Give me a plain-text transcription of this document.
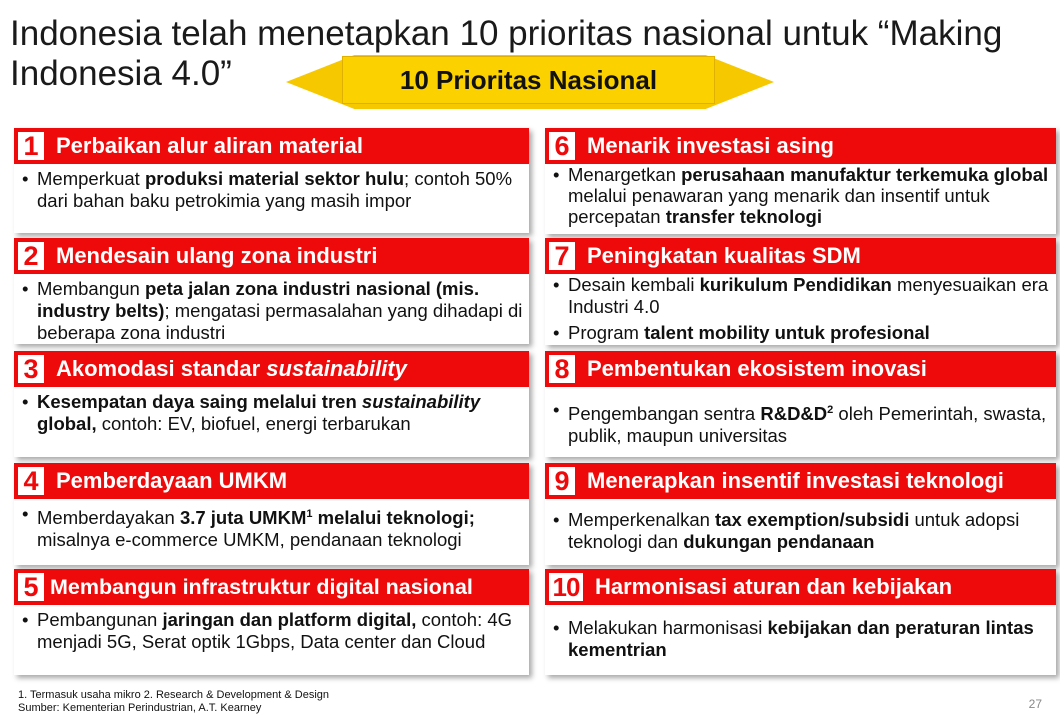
Indonesia telah menetapkan 10 prioritas nasional untuk “Making Indonesia 4.0”	10 Prioritas Nasional
1 Perbaikan alur aliran material
• Memperkuat produksi material sektor hulu; contoh 50% dari bahan baku petrokimia yang masih impor
2 Mendesain ulang zona industri
• Membangun peta jalan zona industri nasional (mis. industry belts); mengatasi permasalahan yang dihadapi di beberapa zona industri
3 Akomodasi standar sustainability
• Kesempatan daya saing melalui tren sustainability global, contoh: EV, biofuel, energi terbarukan
4 Pemberdayaan UMKM
• Memberdayakan 3.7 juta UMKM$^1$ melalui teknologi; misalnya e-commerce UMKM, pendanaan teknologi
5 Membangun infrastruktur digital nasional
• Pembangunan jaringan dan platform digital, contoh: 4G menjadi 5G, Serat optik 1Gbps, Data center dan Cloud
6 Menarik investasi asing
• Menargetkan perusahaan manufaktur terkemuka global melalui penawaran yang menarik dan insentif untuk percepatan transfer teknologi
7 Peningkatan kualitas SDM
• Desain kembali kurikulum Pendidikan menyesuaikan era Industri 4.0
• Program talent mobility untuk profesional
8 Pembentukan ekosistem inovasi
• Pengembangan sentra $R\&D\&D^2$ oleh Pemerintah, swasta, publik, maupun universitas
9 Menerapkan insentif investasi teknologi
• Memperkenalkan tax exemption/subsidi untuk adopsi teknologi dan dukungan pendanaan
10 Harmonisasi aturan dan kebijakan
• Melakukan harmonisasi kebijakan dan peraturan lintas kementrian
1. Termasuk usaha mikro 2. Research & Development & Design
Sumber: Kementerian Perindustrian, A.T. Kearney	27
